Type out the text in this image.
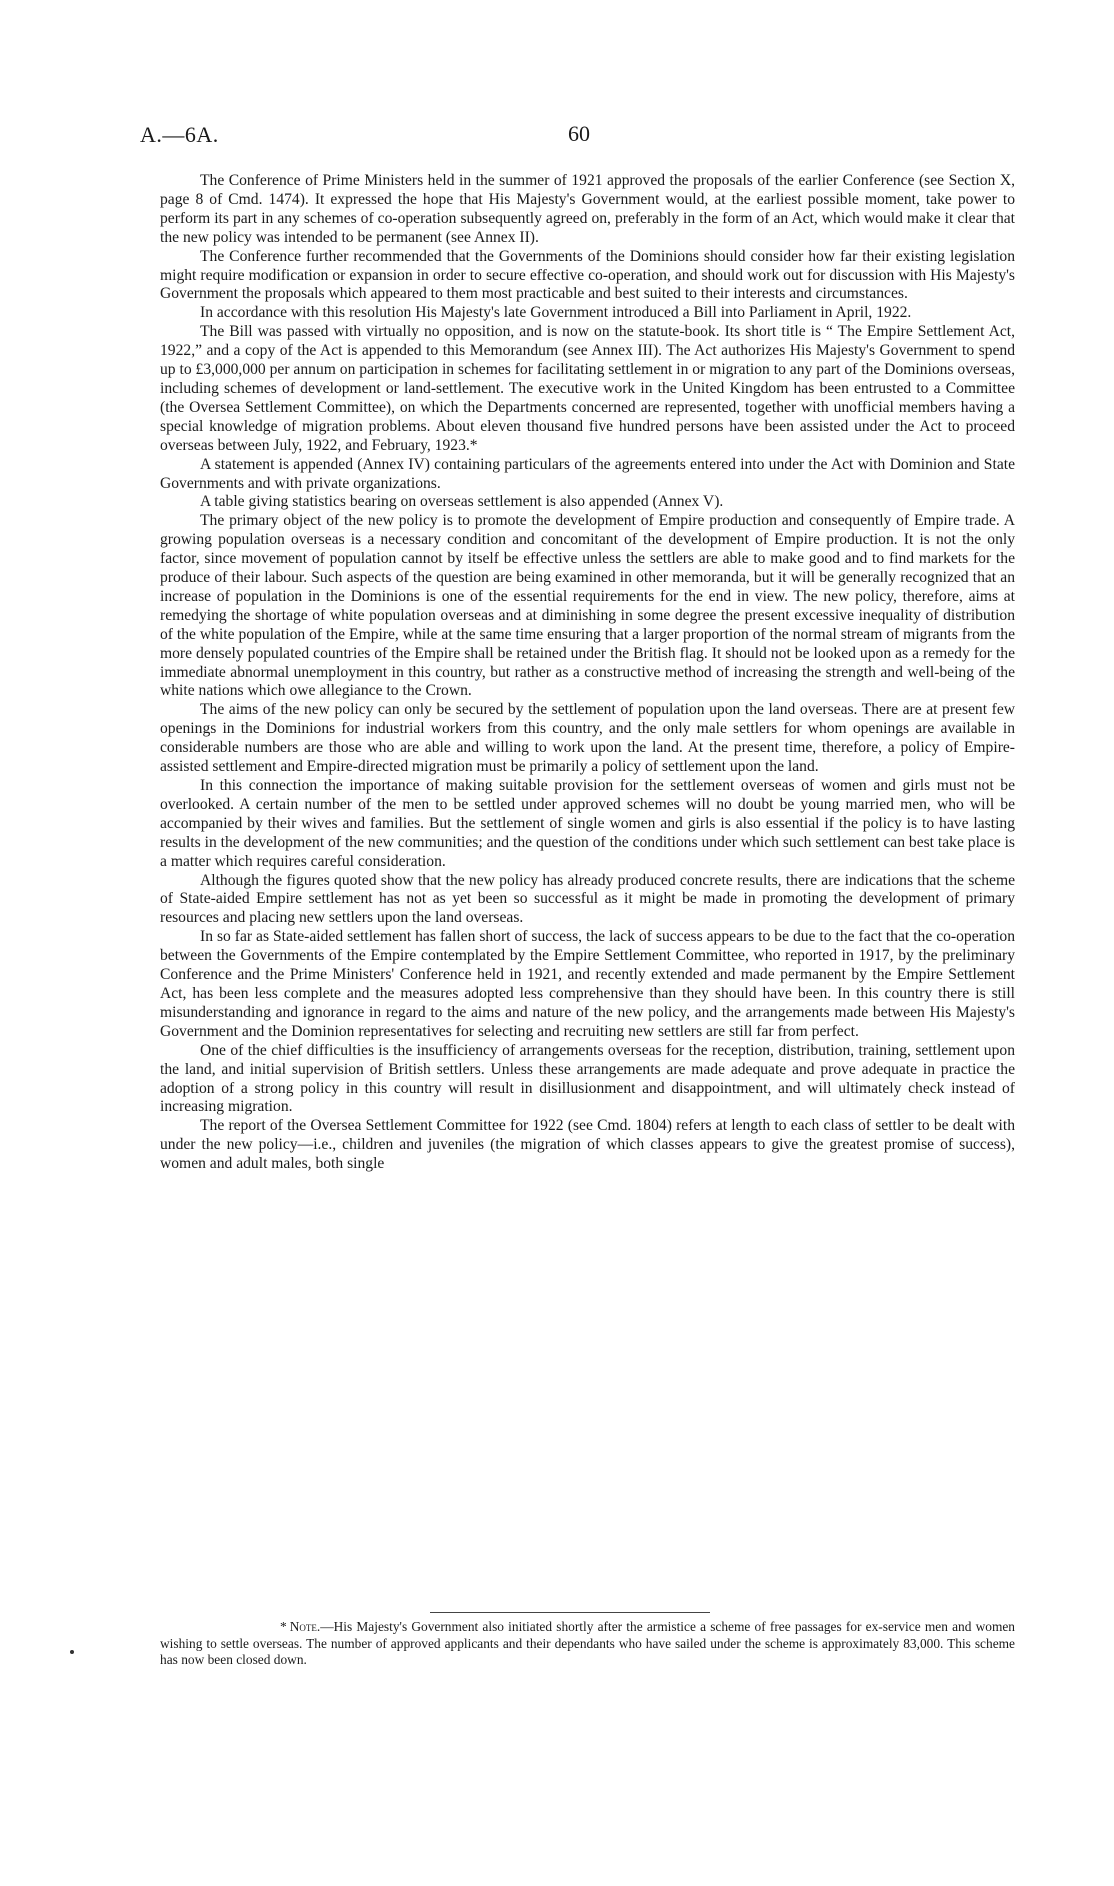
A.—6A.	60

The Conference of Prime Ministers held in the summer of 1921 approved the proposals of the earlier Conference (see Section X, page 8 of Cmd. 1474). It expressed the hope that His Majesty's Government would, at the earliest possible moment, take power to perform its part in any schemes of co-operation subsequently agreed on, preferably in the form of an Act, which would make it clear that the new policy was intended to be permanent (see Annex II).

The Conference further recommended that the Governments of the Dominions should consider how far their existing legislation might require modification or expansion in order to secure effective co-operation, and should work out for discussion with His Majesty's Government the proposals which appeared to them most practicable and best suited to their interests and circumstances.

In accordance with this resolution His Majesty's late Government introduced a Bill into Parliament in April, 1922.

The Bill was passed with virtually no opposition, and is now on the statute-book. Its short title is “ The Empire Settlement Act, 1922,” and a copy of the Act is appended to this Memorandum (see Annex III). The Act authorizes His Majesty's Government to spend up to £3,000,000 per annum on participation in schemes for facilitating settlement in or migration to any part of the Dominions overseas, including schemes of development or land-settlement. The executive work in the United Kingdom has been entrusted to a Committee (the Oversea Settlement Committee), on which the Departments concerned are represented, together with unofficial members having a special knowledge of migration problems. About eleven thousand five hundred persons have been assisted under the Act to proceed overseas between July, 1922, and February, 1923.*

A statement is appended (Annex IV) containing particulars of the agreements entered into under the Act with Dominion and State Governments and with private organizations.

A table giving statistics bearing on overseas settlement is also appended (Annex V).

The primary object of the new policy is to promote the development of Empire production and consequently of Empire trade. A growing population overseas is a necessary condition and concomitant of the development of Empire production. It is not the only factor, since movement of population cannot by itself be effective unless the settlers are able to make good and to find markets for the produce of their labour. Such aspects of the question are being examined in other memoranda, but it will be generally recognized that an increase of population in the Dominions is one of the essential requirements for the end in view. The new policy, therefore, aims at remedying the shortage of white population overseas and at diminishing in some degree the present excessive inequality of distribution of the white population of the Empire, while at the same time ensuring that a larger proportion of the normal stream of migrants from the more densely populated countries of the Empire shall be retained under the British flag. It should not be looked upon as a remedy for the immediate abnormal unemployment in this country, but rather as a constructive method of increasing the strength and well-being of the white nations which owe allegiance to the Crown.

The aims of the new policy can only be secured by the settlement of population upon the land overseas. There are at present few openings in the Dominions for industrial workers from this country, and the only male settlers for whom openings are available in considerable numbers are those who are able and willing to work upon the land. At the present time, therefore, a policy of Empire-assisted settlement and Empire-directed migration must be primarily a policy of settlement upon the land.

In this connection the importance of making suitable provision for the settlement overseas of women and girls must not be overlooked. A certain number of the men to be settled under approved schemes will no doubt be young married men, who will be accompanied by their wives and families. But the settlement of single women and girls is also essential if the policy is to have lasting results in the development of the new communities; and the question of the conditions under which such settlement can best take place is a matter which requires careful consideration.

Although the figures quoted show that the new policy has already produced concrete results, there are indications that the scheme of State-aided Empire settlement has not as yet been so successful as it might be made in promoting the development of primary resources and placing new settlers upon the land overseas.

In so far as State-aided settlement has fallen short of success, the lack of success appears to be due to the fact that the co-operation between the Governments of the Empire contemplated by the Empire Settlement Committee, who reported in 1917, by the preliminary Conference and the Prime Ministers' Conference held in 1921, and recently extended and made permanent by the Empire Settlement Act, has been less complete and the measures adopted less comprehensive than they should have been. In this country there is still misunderstanding and ignorance in regard to the aims and nature of the new policy, and the arrangements made between His Majesty's Government and the Dominion representatives for selecting and recruiting new settlers are still far from perfect.

One of the chief difficulties is the insufficiency of arrangements overseas for the reception, distribution, training, settlement upon the land, and initial supervision of British settlers. Unless these arrangements are made adequate and prove adequate in practice the adoption of a strong policy in this country will result in disillusionment and disappointment, and will ultimately check instead of increasing migration.

The report of the Oversea Settlement Committee for 1922 (see Cmd. 1804) refers at length to each class of settler to be dealt with under the new policy—i.e., children and juveniles (the migration of which classes appears to give the greatest promise of success), women and adult males, both single

* Note.—His Majesty's Government also initiated shortly after the armistice a scheme of free passages for ex-service men and women wishing to settle overseas. The number of approved applicants and their dependants who have sailed under the scheme is approximately 83,000. This scheme has now been closed down.
